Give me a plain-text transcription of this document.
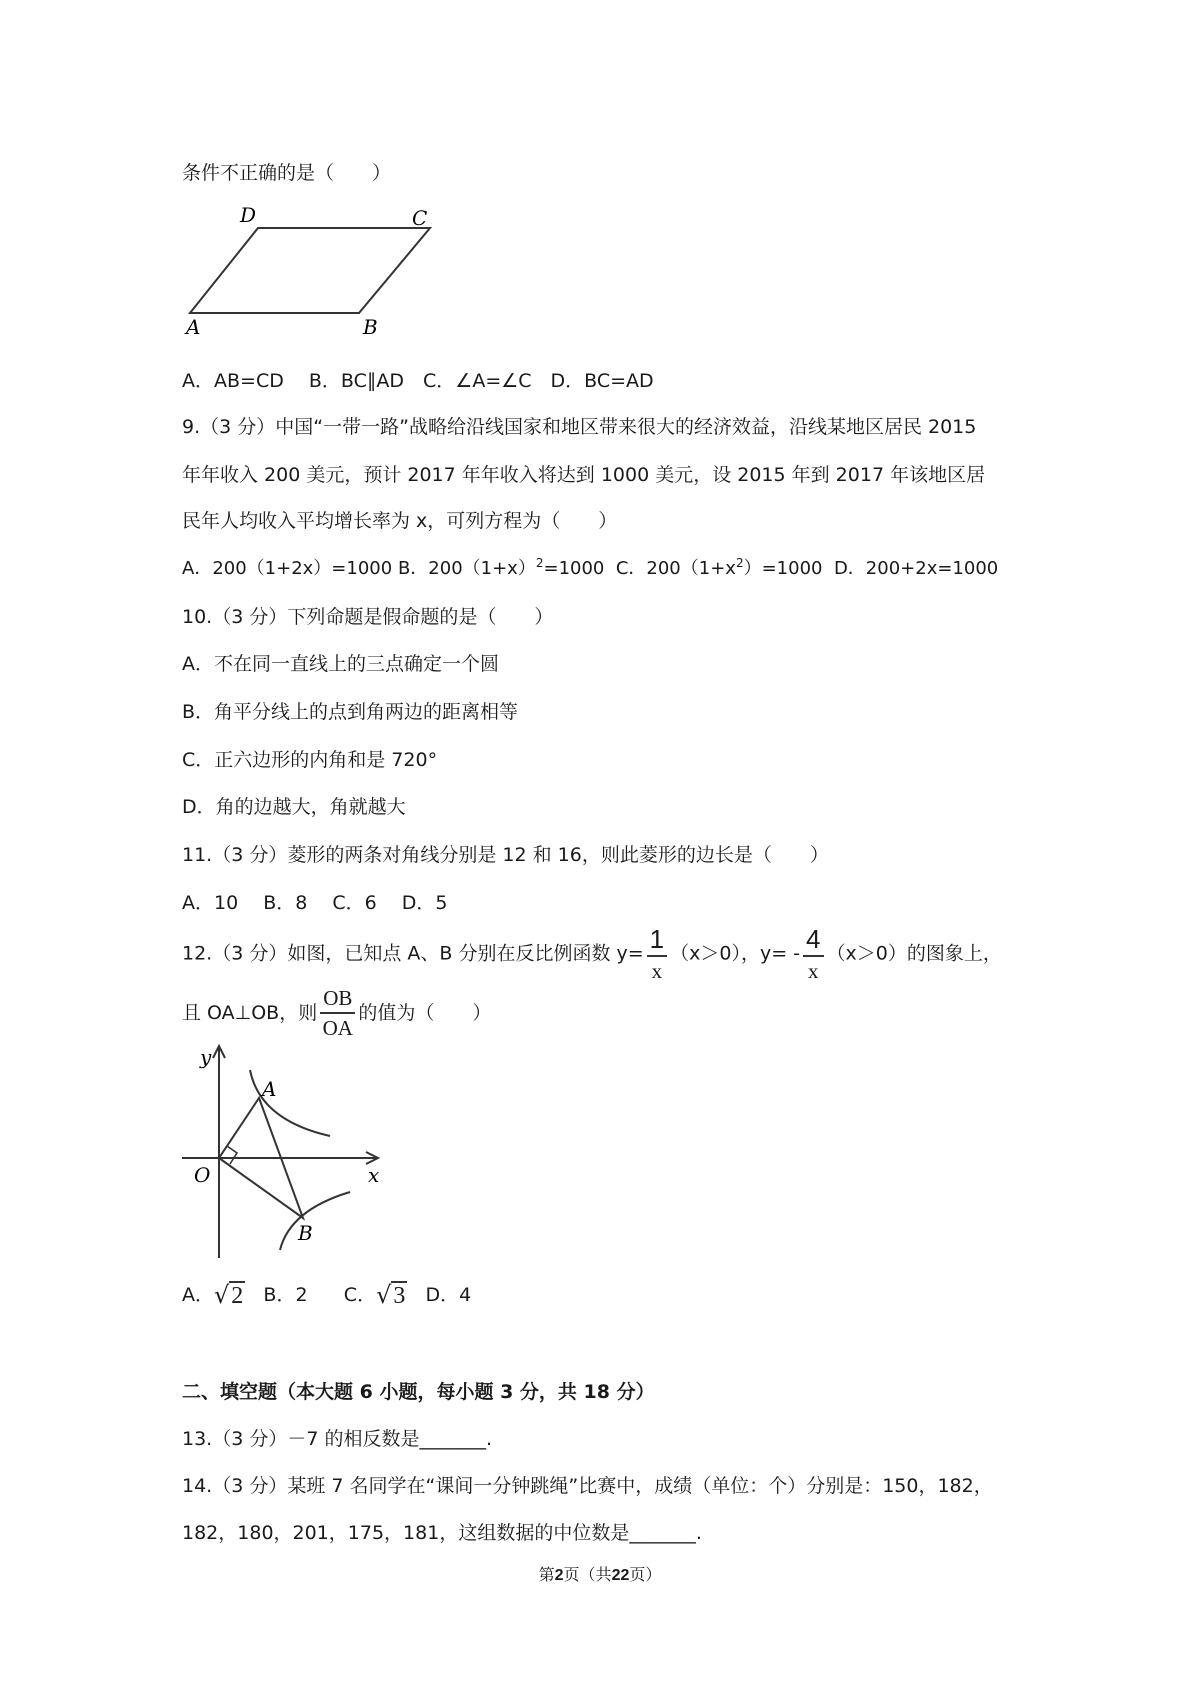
条件不正确的是（　　）
D	C
A	B
A．AB=CD　 B．BC∥AD　C．∠A=∠C　D．BC=AD
9.（3 分）中国“一带一路”战略给沿线国家和地区带来很大的经济效益，沿线某地区居民 2015
年年收入 200 美元，预计 2017 年年收入将达到 1000 美元，设 2015 年到 2017 年该地区居
民年人均收入平均增长率为 x，可列方程为（　　）
A．200（1+2x）=1000 B．$200(1+x)^2=1000$ C．$200(1+x^2)=1000$ D．200+2x=1000
10.（3 分）下列命题是假命题的是（　　）
A．不在同一直线上的三点确定一个圆
B．角平分线上的点到角两边的距离相等
C．正六边形的内角和是 720°
D．角的边越大，角就越大
11.（3 分）菱形的两条对角线分别是 12 和 16，则此菱形的边长是（　　）
A．10　 B．8　 C．6　 D．5
12.（3 分）如图，已知点 A、B 分别在反比例函数 $y= \frac{1}{x} (x>0)$，$y= - \frac{4}{x} (x>0)$的图象上，
且 OA⊥OB，则 $\frac{OB}{OA}$ 的值为（　　）
y
x
O
A
B
A．√2 B．2 C．√3 D．4
二、填空题（本大题 6 小题，每小题 3 分，共 18 分）
13.（3 分）－7 的相反数是_______.
14.（3 分）某班 7 名同学在“课间一分钟跳绳”比赛中，成绩（单位：个）分别是：150，182，
182，180，201，175，181，这组数据的中位数是_______.
第2页（共22页）
